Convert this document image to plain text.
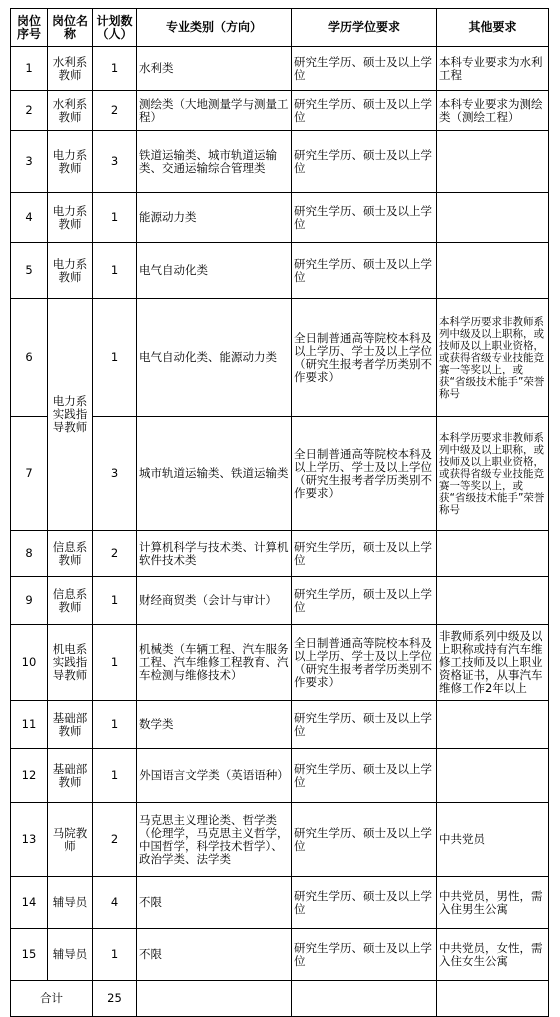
岗位序号	岗位名称	计划数（人）	专业类别（方向）	学历学位要求	其他要求
1	水利系教师	1	水利类	研究生学历、硕士及以上学位	本科专业要求为水利工程
2	水利系教师	2	测绘类（大地测量学与测量工程）	研究生学历、硕士及以上学位	本科专业要求为测绘类（测绘工程）
3	电力系教师	3	铁道运输类、城市轨道运输类、交通运输综合管理类	研究生学历、硕士及以上学位	
4	电力系教师	1	能源动力类	研究生学历、硕士及以上学位	
5	电力系教师	1	电气自动化类	研究生学历、硕士及以上学位	
6	电力系实践指导教师	1	电气自动化类、能源动力类	全日制普通高等院校本科及以上学历、学士及以上学位（研究生报考者学历类别不作要求）	本科学历要求非教师系列中级及以上职称，或技师及以上职业资格，或获得省级专业技能竞赛一等奖以上，或获“省级技术能手”荣誉称号
7		3	城市轨道运输类、铁道运输类	全日制普通高等院校本科及以上学历、学士及以上学位（研究生报考者学历类别不作要求）	本科学历要求非教师系列中级及以上职称，或技师及以上职业资格，或获得省级专业技能竞赛一等奖以上，或获“省级技术能手”荣誉称号
8	信息系教师	2	计算机科学与技术类、计算机软件技术类	研究生学历，硕士及以上学位	
9	信息系教师	1	财经商贸类（会计与审计）	研究生学历，硕士及以上学位	
10	机电系实践指导教师	1	机械类（车辆工程、汽车服务工程、汽车维修工程教育、汽车检测与维修技术）	全日制普通高等院校本科及以上学历、学士及以上学位（研究生报考者学历类别不作要求）	非教师系列中级及以上职称或持有汽车维修工技师及以上职业资格证书，从事汽车维修工作2年以上
11	基础部教师	1	数学类	研究生学历、硕士及以上学位	
12	基础部教师	1	外国语言文学类（英语语种）	研究生学历、硕士及以上学位	
13	马院教师	2	马克思主义理论类、哲学类（伦理学，马克思主义哲学，中国哲学，科学技术哲学）、政治学类、法学类	研究生学历、硕士及以上学位	中共党员
14	辅导员	4	不限	研究生学历、硕士及以上学位	中共党员，男性，需入住男生公寓
15	辅导员	1	不限	研究生学历、硕士及以上学位	中共党员，女性，需入住女生公寓
合计		25			
